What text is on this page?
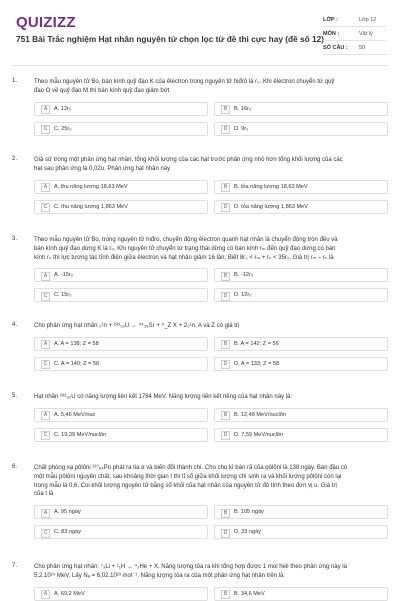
QUIZIZZ
751 Bài Trắc nghiệm Hạt nhân nguyên tử chọn lọc từ đề thi cực hay (đề số 12)
LỚP :	Lớp 12
MÔN :	Vật lý
SỐ CÂU : 50
1.	Theo mẫu nguyên tử Bo, bán kính quỹ đạo K của êlectron trong nguyên tử hiđrô là r₀. Khi êlectron chuyển từ quỹ
đạo O về quỹ đạo M thì bán kính quỹ đạo giảm bớt
A	A. 12r₀	B	B. 16r₀
C	C. 25r₀	D	D. 9r₀
2.	Giả sử trong một phản ứng hạt nhân, tổng khối lượng của các hạt trước phản ứng nhỏ hơn tổng khối lượng của các
hạt sau phản ứng là 0,02u. Phản ứng hạt nhân này
A	A. thu năng lượng 18,63 MeV	B	B. tỏa năng lượng 18,63 MeV
C	C. thu năng lượng 1,863 MeV	D	D. tỏa năng lượng 1,863 MeV
3.	Theo mẫu nguyên tử Bo, trong nguyên tử hiđro, chuyển động êlectron quanh hạt nhân là chuyển động tròn đều và
bán kính quỹ đạo dừng K là r₀. Khi nguyên tử chuyển từ trạng thái dừng có bán kính rₘ đến quỹ đạo dừng có bán
kính rₙ thì lực tương tác tĩnh điện giữa êlectron và hạt nhân giảm 16 lần. Biết 8r₀ < rₘ + rₙ < 35r₀. Giá trị rₘ – rₙ là
A	A. -15r₀	B	B. -12r₀
C	C. 15r₀	D	D. 12r₀
4.	Cho phản ứng hạt nhân ₀¹n + ²³⁵₉₂U → ⁹⁴₃₈Sr + ᴬ_Z X + 2₀¹n. A và Z có giá trị
A	A. A = 138; Z = 58	B	B. A = 142; Z = 56
C	C. A = 140; Z = 58	D	D. A = 133; Z = 58
5.	Hạt nhân ²³⁵₉₂U có năng lượng liên kết 1784 MeV. Năng lượng liên kết riêng của hạt nhân này là:
A	A. 5,46 MeV/nuc	B	B. 12,48 MeV/nuclôn
C	C. 19,39 MeV/nuclôn	D	D. 7,59 MeV/nuclôn
6.	Chất phóng xạ pôlôni ²¹⁰₈₄Po phát ra tia α và biến đổi thành chì. Cho chu kì bán rã của pôlôni là 138 ngày. Ban đầu có
một mẫu pôlôni nguyên chất, sau khoảng thời gian t thì tỉ số giữa khối lượng chì sinh ra và khối lượng pôlôni còn lại
trong mẫu là 0,6. Coi khối lượng nguyên tử bằng số khối của hạt nhân của nguyên tử đó tính theo đơn vị u. Giá trị
của t là
A	A. 95 ngày	B	B. 105 ngày
C	C. 83 ngày	D	D. 33 ngày
7.	Cho phản ứng hạt nhân: ⁷₃Li + ¹₁H → ⁴₂He + X. Năng lượng tỏa ra khi tổng hợp được 1 mol heli theo phản ứng này là
5,2.10²⁴ MeV. Lấy Nₐ = 6,02.10²³ mol⁻¹. Năng lượng tỏa ra của một phản ứng hạt nhân trên là:
A	A. 69,2 MeV	B	B. 34,6 MeV
